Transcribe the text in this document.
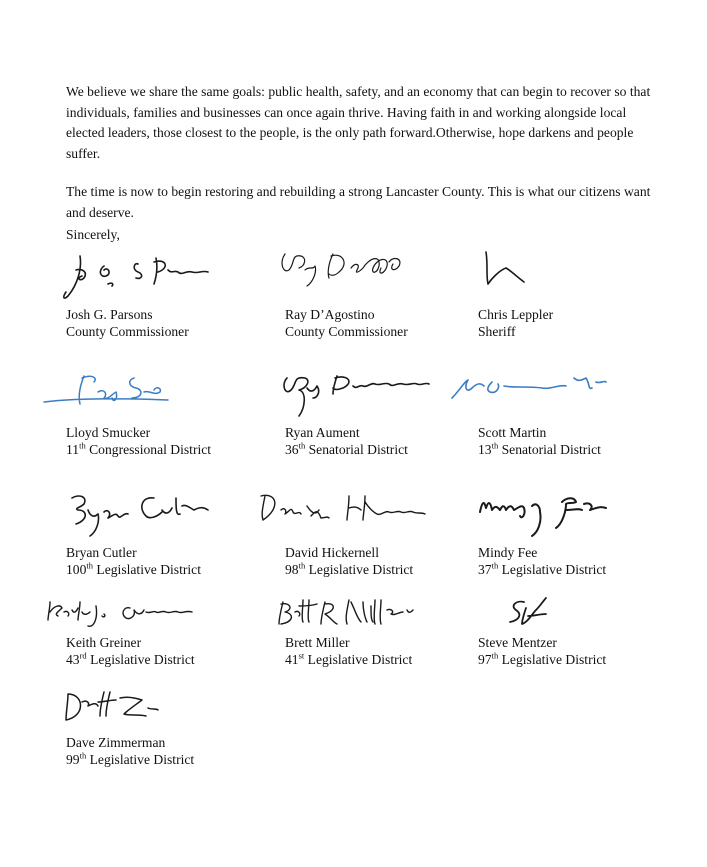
We believe we share the same goals: public health, safety, and an economy that can begin to recover so that individuals, families and businesses can once again thrive. Having faith in and working alongside local elected leaders, those closest to the people, is the only path forward.Otherwise, hope darkens and people suffer.

The time is now to begin restoring and rebuilding a strong Lancaster County. This is what our citizens want and deserve.

Sincerely,

Josh G. Parsons
County Commissioner
Ray D’Agostino
County Commissioner
Chris Leppler
Sheriff
Lloyd Smucker
11th Congressional District
Ryan Aument
36th Senatorial District
Scott Martin
13th Senatorial District
Bryan Cutler
100th Legislative District
David Hickernell
98th Legislative District
Mindy Fee
37th Legislative District
Keith Greiner
43rd Legislative District
Brett Miller
41st Legislative District
Steve Mentzer
97th Legislative District
Dave Zimmerman
99th Legislative District
